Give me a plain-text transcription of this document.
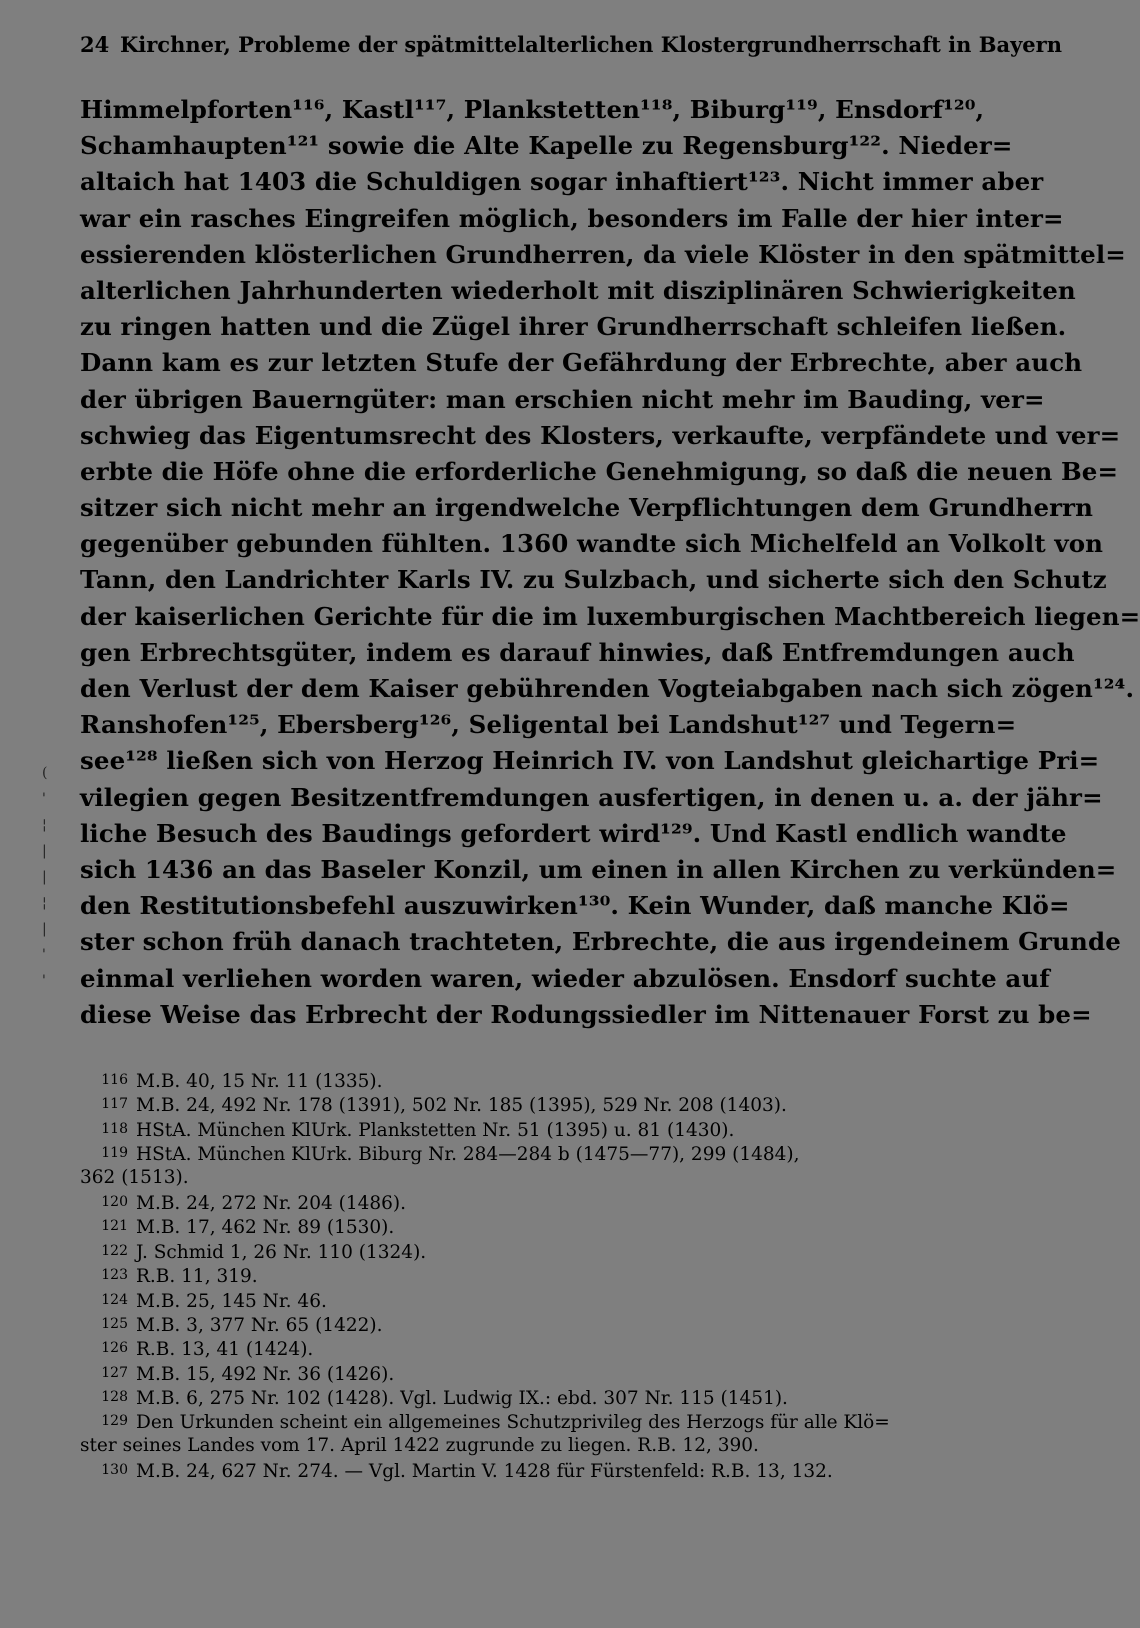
24 Kirchner, Probleme der spätmittelalterlichen Klostergrundherrschaft in Bayern
Himmelpforten¹¹⁶, Kastl¹¹⁷, Plankstetten¹¹⁸, Biburg¹¹⁹, Ensdorf¹²⁰,
Schamhaupten¹²¹ sowie die Alte Kapelle zu Regensburg¹²². Nieder=
altaich hat 1403 die Schuldigen sogar inhaftiert¹²³. Nicht immer aber
war ein rasches Eingreifen möglich, besonders im Falle der hier inter=
essierenden klösterlichen Grundherren, da viele Klöster in den spätmittel=
alterlichen Jahrhunderten wiederholt mit disziplinären Schwierigkeiten
zu ringen hatten und die Zügel ihrer Grundherrschaft schleifen ließen.
Dann kam es zur letzten Stufe der Gefährdung der Erbrechte, aber auch
der übrigen Bauerngüter: man erschien nicht mehr im Bauding, ver=
schwieg das Eigentumsrecht des Klosters, verkaufte, verpfändete und ver=
erbte die Höfe ohne die erforderliche Genehmigung, so daß die neuen Be=
sitzer sich nicht mehr an irgendwelche Verpflichtungen dem Grundherrn
gegenüber gebunden fühlten. 1360 wandte sich Michelfeld an Volkolt von
Tann, den Landrichter Karls IV. zu Sulzbach, und sicherte sich den Schutz
der kaiserlichen Gerichte für die im luxemburgischen Machtbereich liegen=
gen Erbrechtsgüter, indem es darauf hinwies, daß Entfremdungen auch
den Verlust der dem Kaiser gebührenden Vogteiabgaben nach sich zögen¹²⁴.
Ranshofen¹²⁵, Ebersberg¹²⁶, Seligental bei Landshut¹²⁷ und Tegern=
see¹²⁸ ließen sich von Herzog Heinrich IV. von Landshut gleichartige Pri=
vilegien gegen Besitzentfremdungen ausfertigen, in denen u. a. der jähr=
liche Besuch des Baudings gefordert wird¹²⁹. Und Kastl endlich wandte
sich 1436 an das Baseler Konzil, um einen in allen Kirchen zu verkünden=
den Restitutionsbefehl auszuwirken¹³⁰. Kein Wunder, daß manche Klö=
ster schon früh danach trachteten, Erbrechte, die aus irgendeinem Grunde
einmal verliehen worden waren, wieder abzulösen. Ensdorf suchte auf
diese Weise das Erbrecht der Rodungssiedler im Nittenauer Forst zu be=
(
'
¦
|
|
¦
|
'
'
116 M.B. 40, 15 Nr. 11 (1335).
117 M.B. 24, 492 Nr. 178 (1391), 502 Nr. 185 (1395), 529 Nr. 208 (1403).
118 HStA. München KlUrk. Plankstetten Nr. 51 (1395) u. 81 (1430).
119 HStA. München KlUrk. Biburg Nr. 284—284 b (1475—77), 299 (1484),
362 (1513).
120 M.B. 24, 272 Nr. 204 (1486).
121 M.B. 17, 462 Nr. 89 (1530).
122 J. Schmid 1, 26 Nr. 110 (1324).
123 R.B. 11, 319.
124 M.B. 25, 145 Nr. 46.
125 M.B. 3, 377 Nr. 65 (1422).
126 R.B. 13, 41 (1424).
127 M.B. 15, 492 Nr. 36 (1426).
128 M.B. 6, 275 Nr. 102 (1428). Vgl. Ludwig IX.: ebd. 307 Nr. 115 (1451).
129 Den Urkunden scheint ein allgemeines Schutzprivileg des Herzogs für alle Klö=
ster seines Landes vom 17. April 1422 zugrunde zu liegen. R.B. 12, 390.
130 M.B. 24, 627 Nr. 274. — Vgl. Martin V. 1428 für Fürstenfeld: R.B. 13, 132.
